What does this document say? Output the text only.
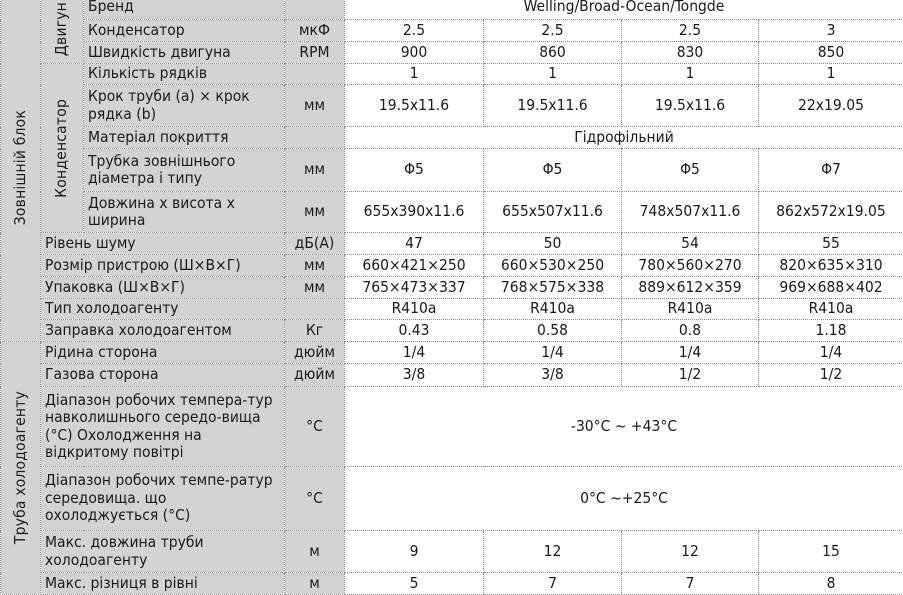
Зовнішній блок	Двигун	Бренд		Welling/Broad-Ocean/Tongde			
		Конденсатор	мкФ	2.5	2.5	2.5	3
		Швидкість двигуна	RPM	900	860	830	850

	Конденсатор	Кількість рядків		1	1	1	1
		Крок труби (a) × крок рядка (b)	мм	19.5x11.6	19.5x11.6	19.5x11.6	22x19.05
		Матеріал покриття		Гідрофільний			
		Трубка зовнішнього діаметра і типу	мм	Φ5	Φ5	Φ5	Φ7
		Довжина х висота х ширина	мм	655x390x11.6	655x507x11.6	748x507x11.6	862x572x19.05
	Рівень шуму		дБ(А)	47	50	54	55
	Розмір пристрою (Ш×В×Г)		мм	660×421×250	660×530×250	780×560×270	820×635×310
	Упаковка (Ш×В×Г)		мм	765×473×337	768×575×338	889×612×359	969×688×402
	Тип холодоагенту			R410a	R410a	R410a	R410a
	Заправка холодоагентом		Кг	0.43	0.58	0.8	1.18

Труба холодоагенту	Рідина сторона		дюйм	1/4	1/4	1/4	1/4
	Газова сторона		дюйм	3/8	3/8	1/2	1/2
	Діапазон робочих темпера-тур навколишнього середо-вища (°C) Охолодження на відкритому повітрі		°C	-30°C ~ +43°C			
	Діапазон робочих темпе-ратур середовища. що охолоджується (°C)		°C	0°C ~+25°C			
	Макс. довжина труби холодоагенту		м	9	12	12	15
	Макс. різниця в рівні		м	5	7	7	8
